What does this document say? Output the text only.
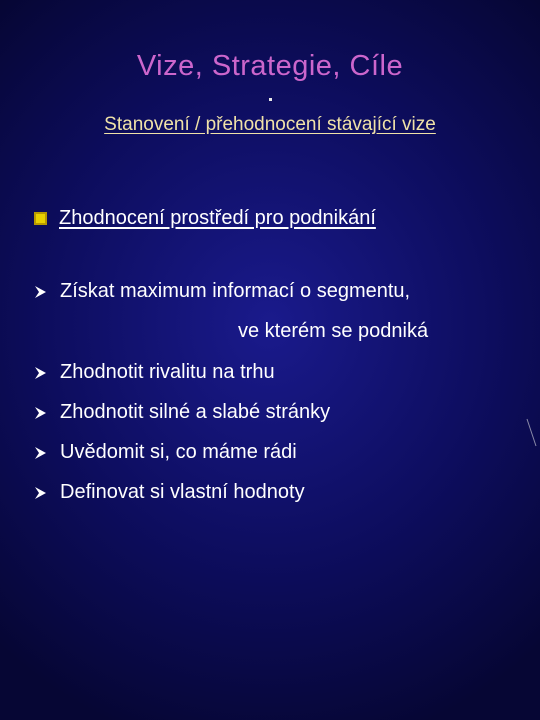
Vize, Strategie, Cíle
Stanovení / přehodnocení stávající vize
Zhodnocení prostředí pro podnikání
Získat maximum informací o segmentu,
ve kterém se podniká
Zhodnotit rivalitu na trhu
Zhodnotit silné a slabé stránky
Uvědomit si, co máme rádi
Definovat si vlastní hodnoty
